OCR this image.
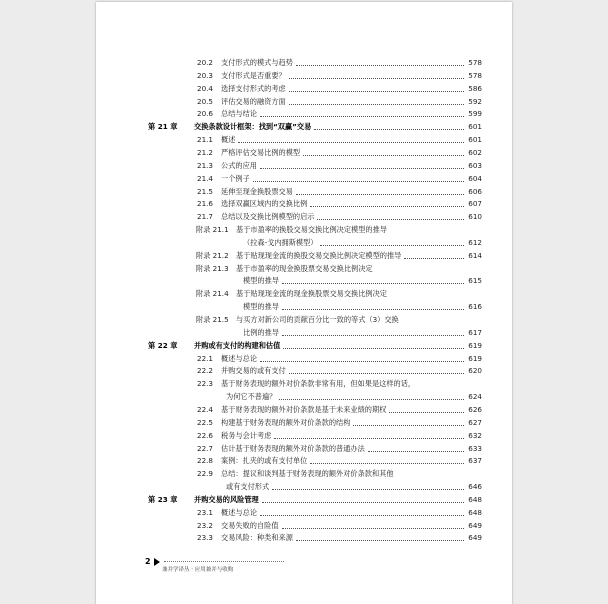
20.2 支付形式的模式与趋势	578
20.3 支付形式是否重要？	578
20.4 选择支付形式的考虑	586
20.5 评估交易的融资方面	592
20.6 总结与结论	599
第 21 章 交换条款设计框架：找到“双赢”交易	601
21.1 概述	601
21.2 严格评估交易比例的模型	602
21.3 公式的应用	603
21.4 一个例子	604
21.5 延伸至现金换股票交易	606
21.6 选择双赢区域内的交换比例	607
21.7 总结以及交换比例模型的启示	610
附录 21.1 基于市盈率的换股交易交换比例决定模型的推导
（拉森-戈内拥斯模型）	612
附录 21.2 基于贴现现金流的换股交易交换比例决定模型的推导	614
附录 21.3 基于市盈率的现金换股票交易交换比例决定
模型的推导	615
附录 21.4 基于贴现现金流的现金换股票交易交换比例决定
模型的推导	616
附录 21.5 与买方对新公司的贡献百分比一致的等式（3）交换
比例的推导	617
第 22 章 并购或有支付的构建和估值	619
22.1 概述与总论	619
22.2 并购交易的或有支付	620
22.3 基于财务表现的额外对价条款非常有用，但如果是这样的话，
为何它不普遍？	624
22.4 基于财务表现的额外对价条款是基于未来业绩的期权	626
22.5 构建基于财务表现的额外对价条款的结构	627
22.6 税务与会计考虑	632
22.7 估计基于财务表现的额外对价条款的普通办法	633
22.8 案例：扎夹的或有支付单位	637
22.9 总结：提议和谈判基于财务表现的额外对价条款和其他
或有支付形式	646
第 23 章 并购交易的风险管理	648
23.1 概述与总论	648
23.2 交易失败的自险值	649
23.3 交易风险：种类和来源	649
2
兼并学译丛 · 应用兼并与收购
